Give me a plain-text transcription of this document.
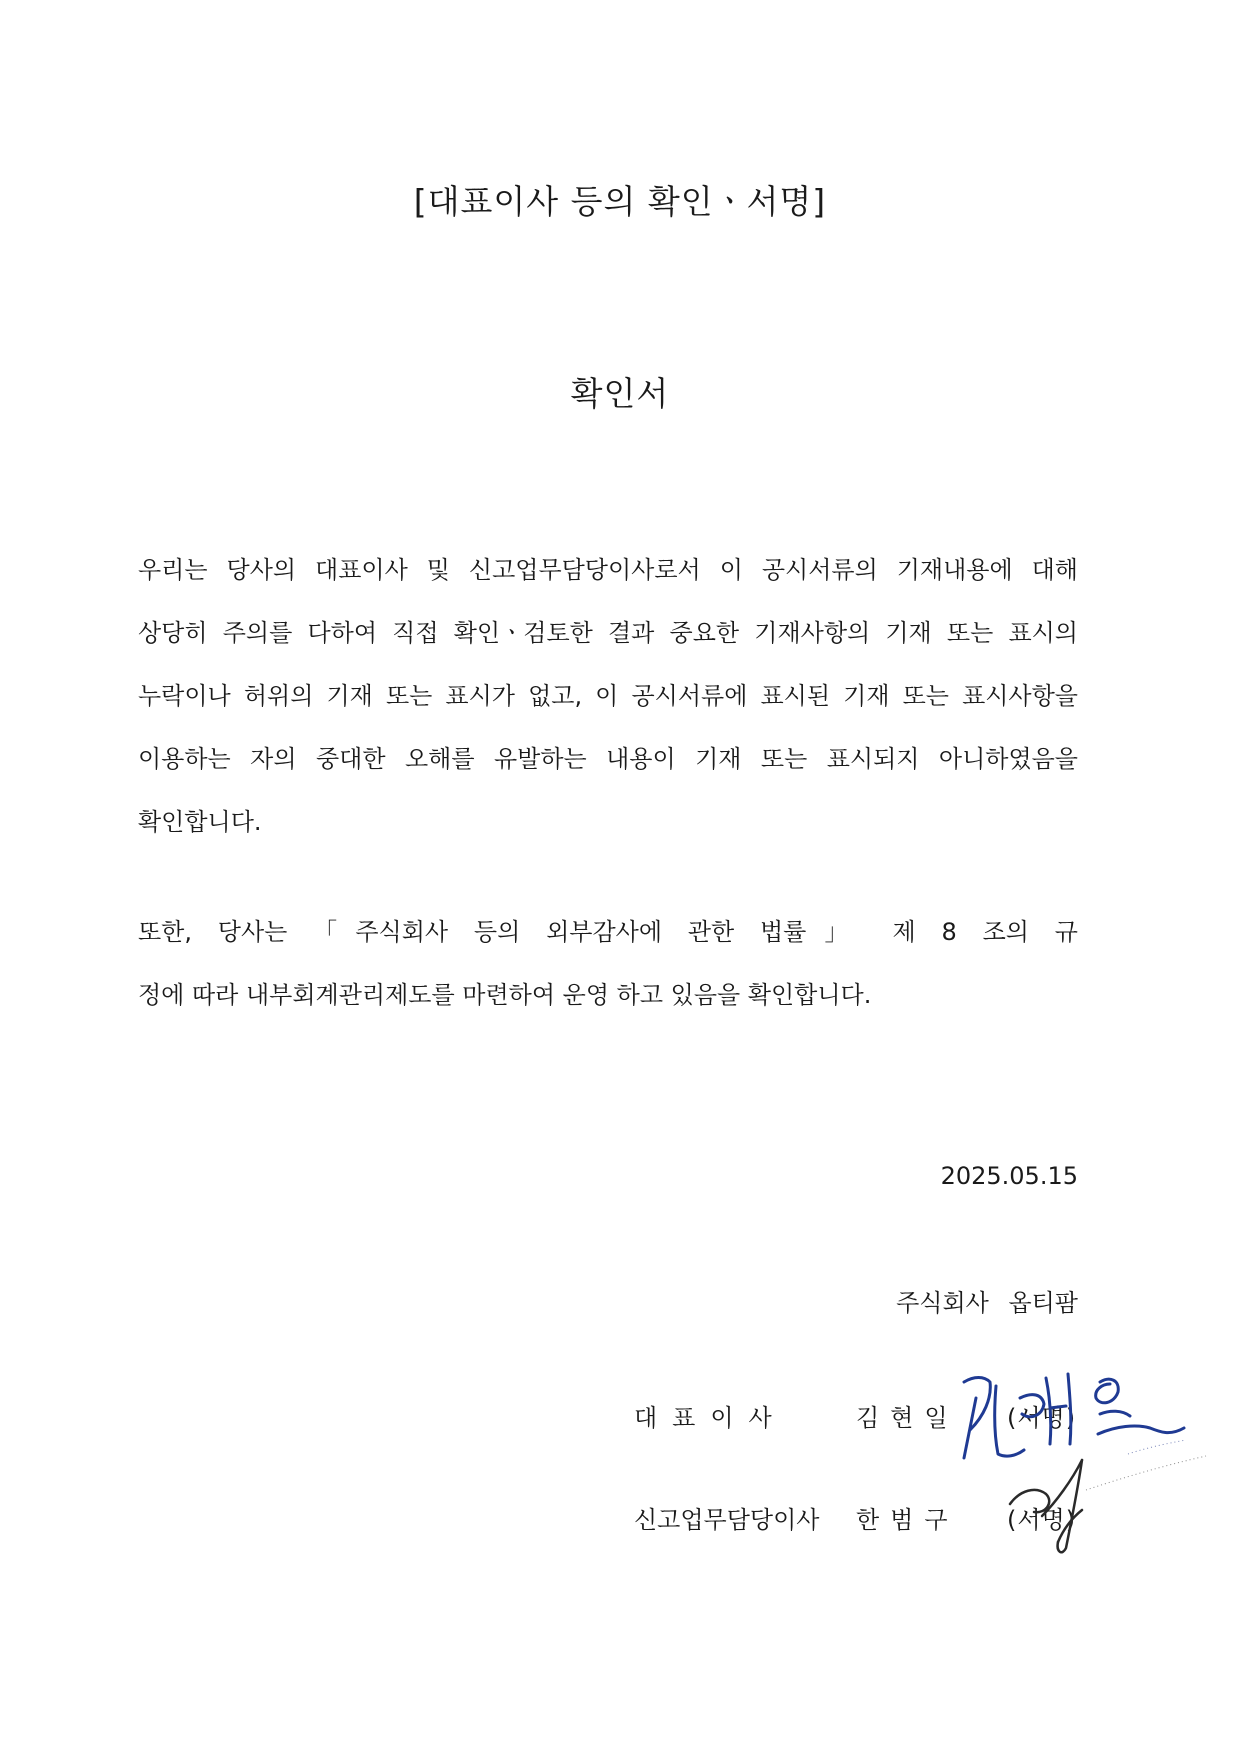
[대표이사 등의 확인ㆍ서명]
확인서
우리는 당사의 대표이사 및 신고업무담당이사로서 이 공시서류의 기재내용에 대해
상당히 주의를 다하여 직접 확인ㆍ검토한 결과 중요한 기재사항의 기재 또는 표시의
누락이나 허위의 기재 또는 표시가 없고, 이 공시서류에 표시된 기재 또는 표시사항을
이용하는 자의 중대한 오해를 유발하는 내용이 기재 또는 표시되지 아니하였음을
확인합니다.
또한, 당사는 「주식회사 등의 외부감사에 관한 법률」 제 8 조의 규
정에 따라 내부회계관리제도를 마련하여 운영 하고 있음을 확인합니다.
2025.05.15
주식회사 옵티팜
대표이사	김현일 (서명)
신고업무담당이사 한범구 (서명)
